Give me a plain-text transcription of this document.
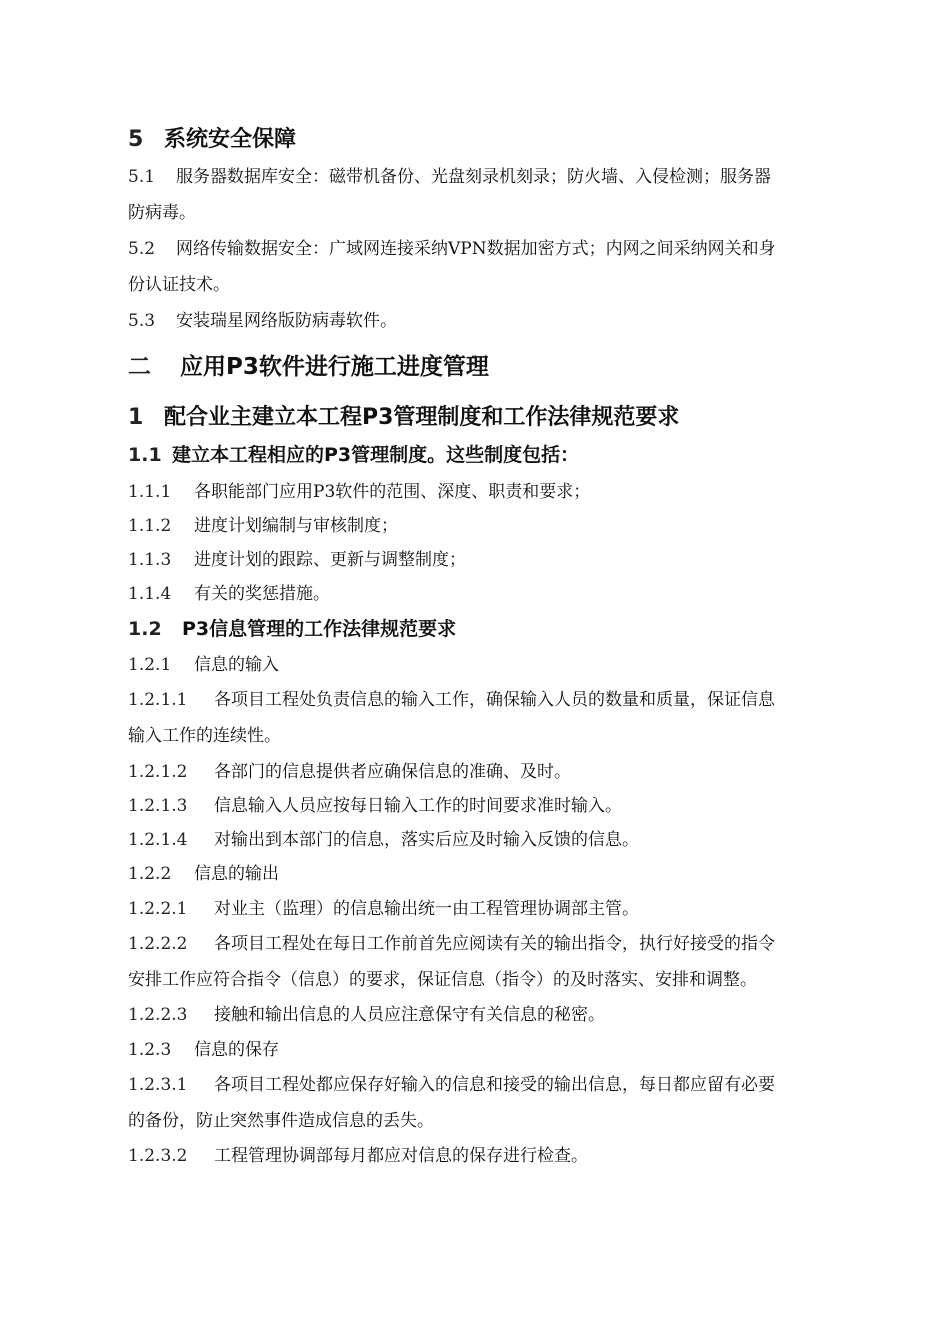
5 系统安全保障
5.1 服务器数据库安全：磁带机备份、光盘刻录机刻录；防火墙、入侵检测；服务器
防病毒。
5.2 网络传输数据安全：广域网连接采纳VPN数据加密方式；内网之间采纳网关和身
份认证技术。
5.3 安装瑞星网络版防病毒软件。
二 应用P3软件进行施工进度管理
1 配合业主建立本工程P3管理制度和工作法律规范要求
1.1 建立本工程相应的P3管理制度。这些制度包括：
1.1.1 各职能部门应用P3软件的范围、深度、职责和要求；
1.1.2 进度计划编制与审核制度；
1.1.3 进度计划的跟踪、更新与调整制度；
1.1.4 有关的奖惩措施。
1.2 P3信息管理的工作法律规范要求
1.2.1 信息的输入
1.2.1.1 各项目工程处负责信息的输入工作，确保输入人员的数量和质量，保证信息
输入工作的连续性。
1.2.1.2 各部门的信息提供者应确保信息的准确、及时。
1.2.1.3 信息输入人员应按每日输入工作的时间要求准时输入。
1.2.1.4 对输出到本部门的信息，落实后应及时输入反馈的信息。
1.2.2 信息的输出
1.2.2.1 对业主（监理）的信息输出统一由工程管理协调部主管。
1.2.2.2 各项目工程处在每日工作前首先应阅读有关的输出指令，执行好接受的指令
安排工作应符合指令（信息）的要求，保证信息（指令）的及时落实、安排和调整。
1.2.2.3 接触和输出信息的人员应注意保守有关信息的秘密。
1.2.3 信息的保存
1.2.3.1 各项目工程处都应保存好输入的信息和接受的输出信息，每日都应留有必要
的备份，防止突然事件造成信息的丢失。
1.2.3.2 工程管理协调部每月都应对信息的保存进行检查。
